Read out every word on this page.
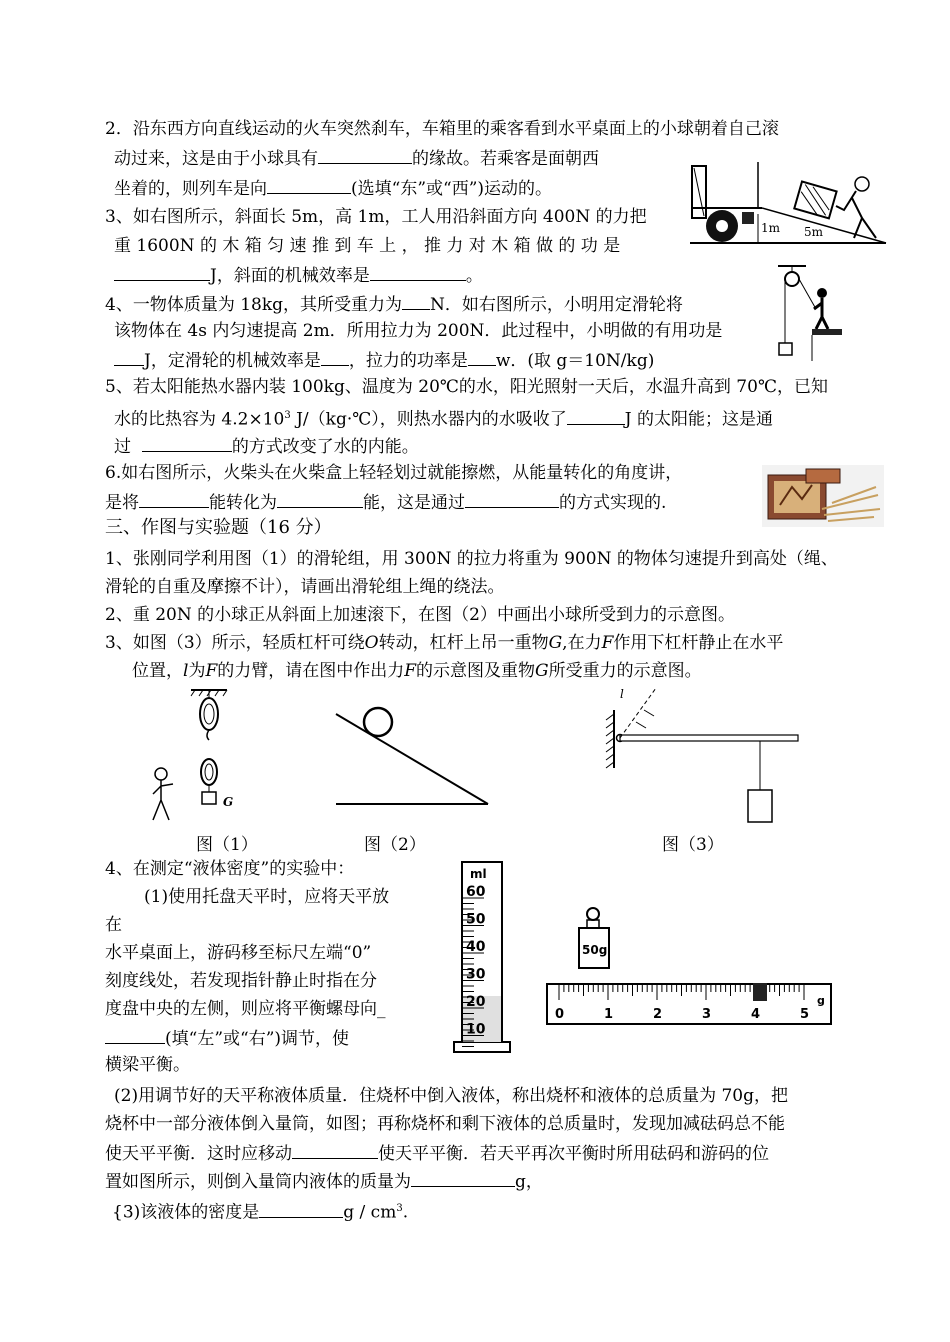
2．沿东西方向直线运动的火车突然刹车，车箱里的乘客看到水平桌面上的小球朝着自己滚
动过来，这是由于小球具有	的缘故。若乘客是面朝西
坐着的，则列车是向	(选填“东”或“西”)运动的。
3、如右图所示，斜面长 5m，高 1m，工人用沿斜面方向 400N 的力把
重 1600N 的 木 箱 匀 速 推 到 车 上 ， 推 力 对 木 箱 做 的 功 是
J，斜面的机械效率是	。
1m 5m
4、一物体质量为 18kg，其所受重力为 N．如右图所示，小明用定滑轮将
该物体在 4s 内匀速提高 2m．所用拉力为 200N．此过程中，小明做的有用功是
J，定滑轮的机械效率是 ，拉力的功率是 w．(取 g＝10N/kg)
5、若太阳能热水器内装 100kg、温度为 20℃的水，阳光照射一天后，水温升高到 70℃，已知
水的比热容为 $4.2\times 10^3$ J/（kg·℃），则热水器内的水吸收了	J 的太阳能；这是通
过	的方式改变了水的内能。
6.如右图所示，火柴头在火柴盒上轻轻划过就能擦燃，从能量转化的角度讲，
是将	能转化为	能，这是通过	的方式实现的.
三、作图与实验题（16 分）
1、张刚同学利用图（1）的滑轮组，用 300N 的拉力将重为 900N 的物体匀速提升到高处（绳、
滑轮的自重及摩擦不计），请画出滑轮组上绳的绕法。
2、重 20N 的小球正从斜面上加速滚下，在图（2）中画出小球所受到力的示意图。
3、如图（3）所示，轻质杠杆可绕O转动，杠杆上吊一重物G,在力F作用下杠杆静止在水平
位置，l为F的力臂，请在图中作出力F的示意图及重物G所受重力的示意图。
G
图（1）	图（2）
l
图（3）
4、在测定“液体密度”的实验中：
(1)使用托盘天平时，应将天平放
在
水平桌面上，游码移至标尺左端“0”
刻度线处，若发现指针静止时指在分
度盘中央的左侧，则应将平衡螺母向_
(填“左”或“右”)调节，使
横梁平衡。
ml
60
50
40
30
20
10
50g
0	1	2	3	4	5
g
(2)用调节好的天平称液体质量．住烧杯中倒入液体，称出烧杯和液体的总质量为 70g，把
烧杯中一部分液体倒入量筒，如图；再称烧杯和剩下液体的总质量时，发现加减砝码总不能
使天平平衡．这时应移动	使天平平衡．若天平再次平衡时所用砝码和游码的位
置如图所示，则倒入量筒内液体的质量为	g，
{3)该液体的密度是	g / $cm^3$.
